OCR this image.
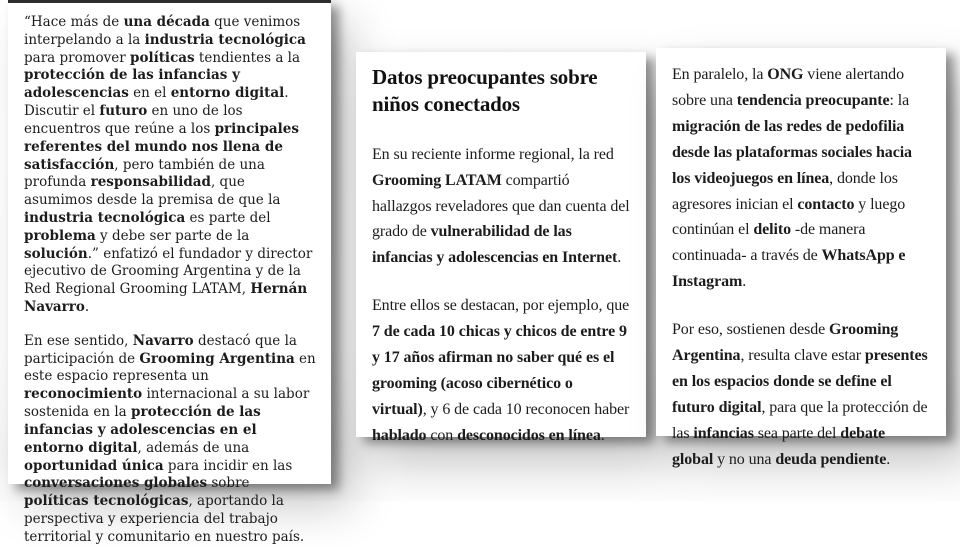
“Hace más de una década que venimos interpelando a la industria tecnológica para promover políticas tendientes a la protección de las infancias y adolescencias en el entorno digital. Discutir el futuro en uno de los encuentros que reúne a los principales referentes del mundo nos llena de satisfacción, pero también de una profunda responsabilidad, que asumimos desde la premisa de que la industria tecnológica es parte del problema y debe ser parte de la solución.” enfatizó el fundador y director ejecutivo de Grooming Argentina y de la Red Regional Grooming LATAM, Hernán Navarro.

En ese sentido, Navarro destacó que la participación de Grooming Argentina en este espacio representa un reconocimiento internacional a su labor sostenida en la protección de las infancias y adolescencias en el entorno digital, además de una oportunidad única para incidir en las conversaciones globales sobre políticas tecnológicas, aportando la perspectiva y experiencia del trabajo territorial y comunitario en nuestro país.

Datos preocupantes sobre niños conectados

En su reciente informe regional, la red Grooming LATAM compartió hallazgos reveladores que dan cuenta del grado de vulnerabilidad de las infancias y adolescencias en Internet.

Entre ellos se destacan, por ejemplo, que 7 de cada 10 chicas y chicos de entre 9 y 17 años afirman no saber qué es el grooming (acoso cibernético o virtual), y 6 de cada 10 reconocen haber hablado con desconocidos en línea.

En paralelo, la ONG viene alertando sobre una tendencia preocupante: la migración de las redes de pedofilia desde las plataformas sociales hacia los videojuegos en línea, donde los agresores inician el contacto y luego continúan el delito -de manera continuada- a través de WhatsApp e Instagram.

Por eso, sostienen desde Grooming Argentina, resulta clave estar presentes en los espacios donde se define el futuro digital, para que la protección de las infancias sea parte del debate global y no una deuda pendiente.
